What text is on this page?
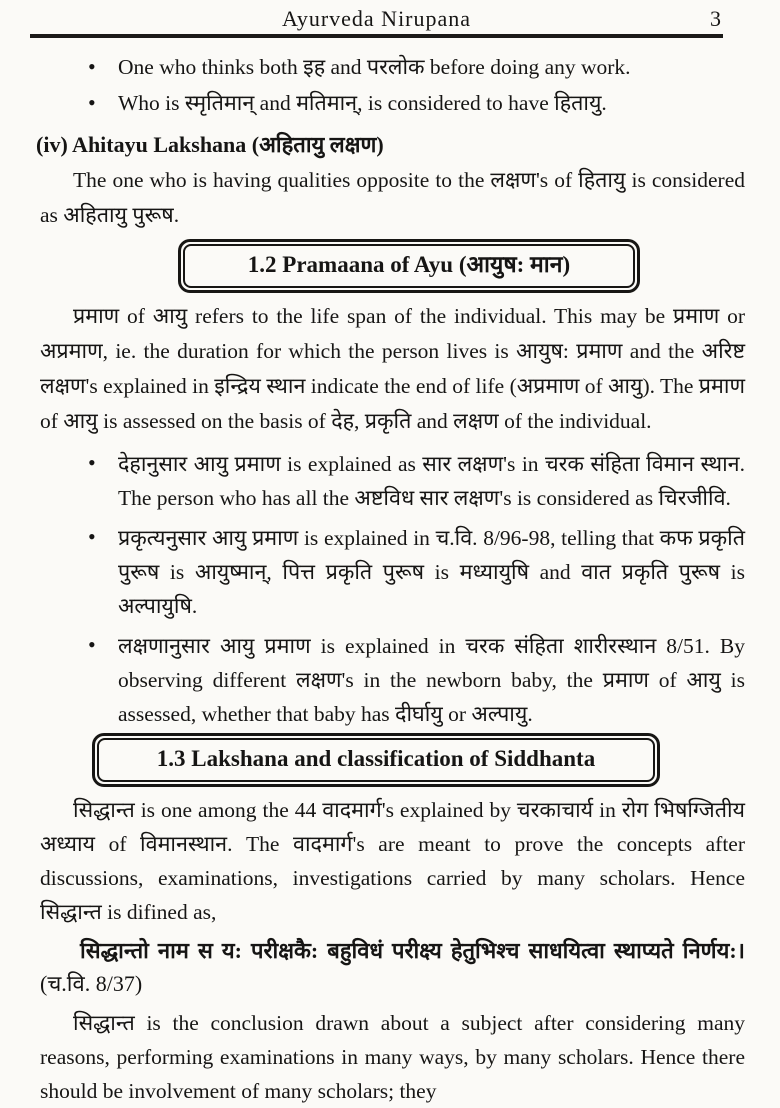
Ayurveda Nirupana	3
• One who thinks both इह and परलोक before doing any work.
• Who is स्मृतिमान् and मतिमान्, is considered to have हितायु.
(iv) Ahitayu Lakshana (अहितायु लक्षण)

The one who is having qualities opposite to the लक्षण's of हितायु is considered as अहितायु पुरूष.

1.2 Pramaana of Ayu (आयुष: मान)

प्रमाण of आयु refers to the life span of the individual. This may be प्रमाण or अप्रमाण, ie. the duration for which the person lives is आयुष: प्रमाण and the अरिष्ट लक्षण's explained in इन्द्रिय स्थान indicate the end of life (अप्रमाण of आयु). The प्रमाण of आयु is assessed on the basis of देह, प्रकृति and लक्षण of the individual.

• देहानुसार आयु प्रमाण is explained as सार लक्षण's in चरक संहिता विमान स्थान. The person who has all the अष्टविध सार लक्षण's is considered as चिरजीवि.
• प्रकृत्यनुसार आयु प्रमाण is explained in च.वि. 8/96-98, telling that कफ प्रकृति पुरूष is आयुष्मान्, पित्त प्रकृति पुरूष is मध्यायुषि and वात प्रकृति पुरूष is अल्पायुषि.
• लक्षणानुसार आयु प्रमाण is explained in चरक संहिता शारीरस्थान 8/51. By observing different लक्षण's in the newborn baby, the प्रमाण of आयु is assessed, whether that baby has दीर्घायु or अल्पायु.
1.3 Lakshana and classification of Siddhanta

सिद्धान्त is one among the 44 वादमार्ग's explained by चरकाचार्य in रोग भिषग्जितीय अध्याय of विमानस्थान. The वादमार्ग's are meant to prove the concepts after discussions, examinations, investigations carried by many scholars. Hence सिद्धान्त is difined as,

सिद्धान्तो नाम स य: परीक्षकै: बहुविधं परीक्ष्य हेतुभिश्च साधयित्वा स्थाप्यते निर्णय:। (च.वि. 8/37)

सिद्धान्त is the conclusion drawn about a subject after considering many reasons, performing examinations in many ways, by many scholars. Hence there should be involvement of many scholars; they
